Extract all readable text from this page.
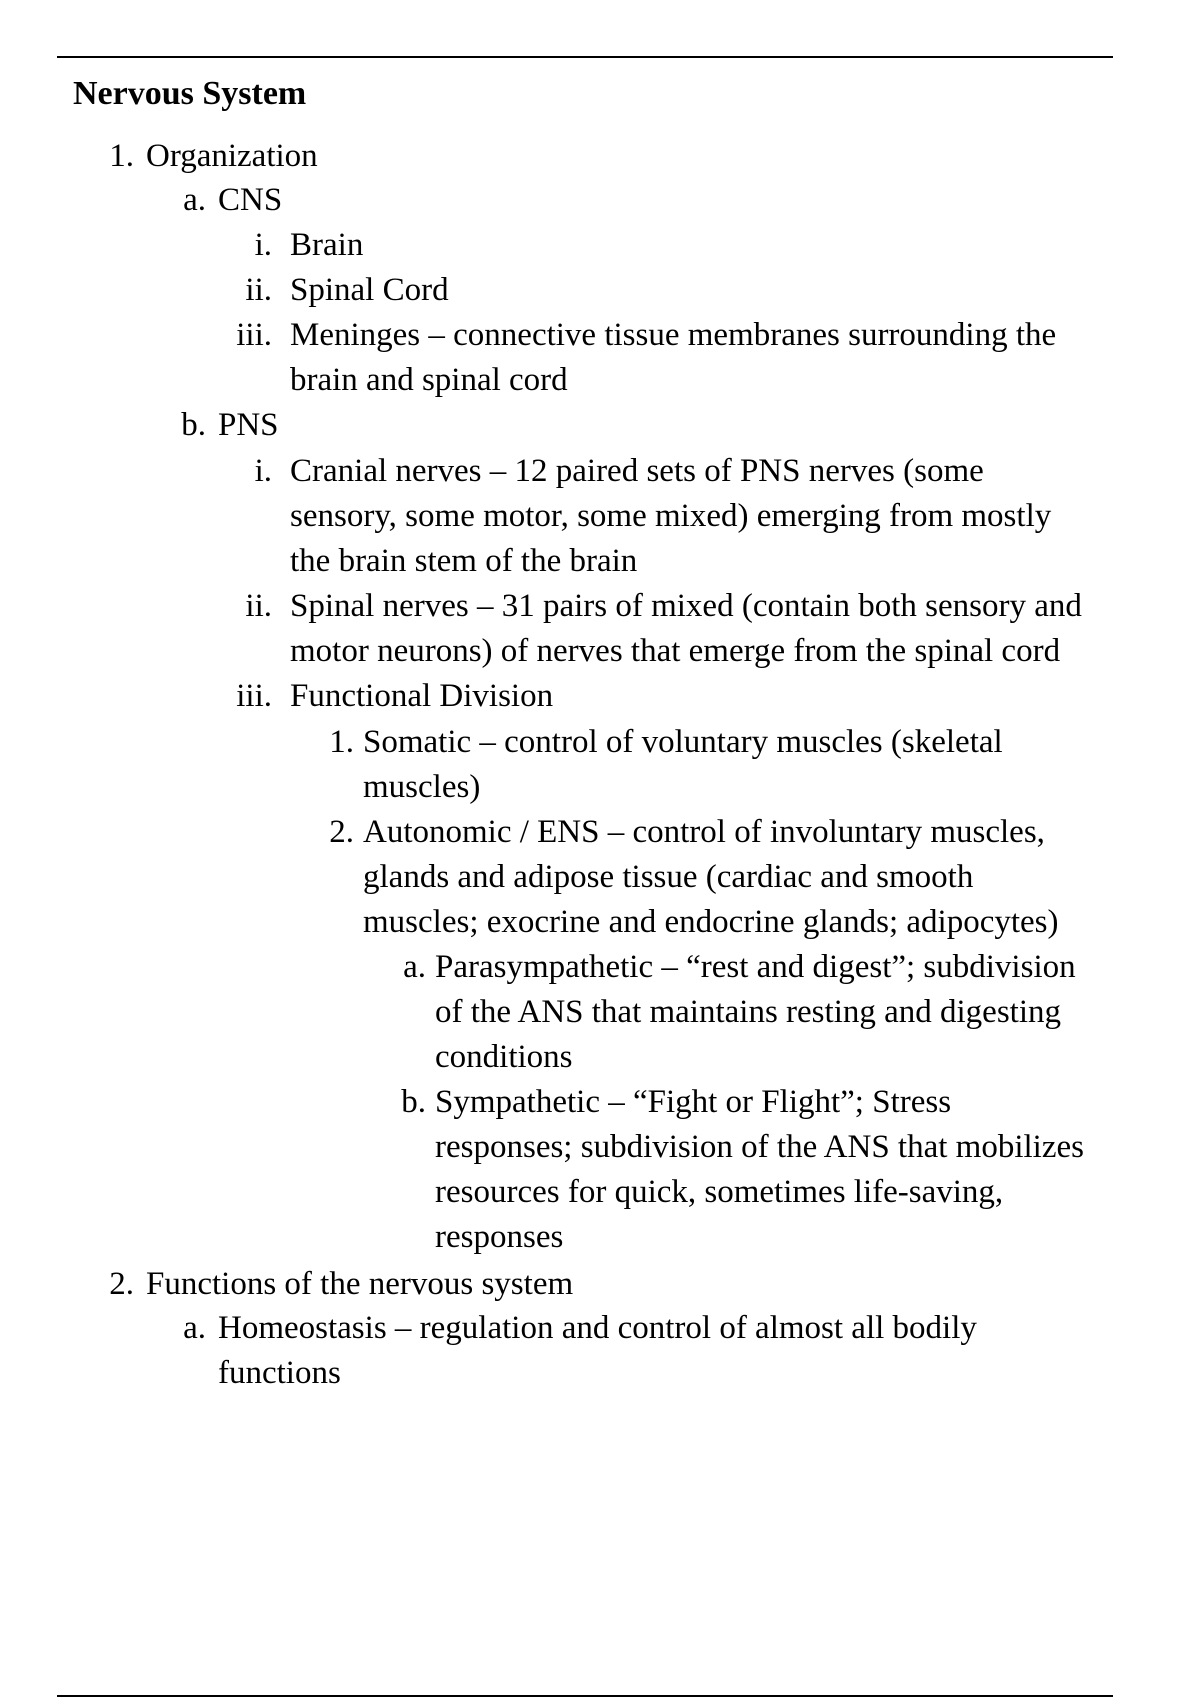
Nervous System
1. Organization
a. CNS
i. Brain
ii. Spinal Cord
iii. Meninges – connective tissue membranes surrounding the
brain and spinal cord
b. PNS
i. Cranial nerves – 12 paired sets of PNS nerves (some
sensory, some motor, some mixed) emerging from mostly
the brain stem of the brain
ii. Spinal nerves – 31 pairs of mixed (contain both sensory and
motor neurons) of nerves that emerge from the spinal cord
iii. Functional Division
1. Somatic – control of voluntary muscles (skeletal
muscles)
2. Autonomic / ENS – control of involuntary muscles,
glands and adipose tissue (cardiac and smooth
muscles; exocrine and endocrine glands; adipocytes)
a. Parasympathetic – “rest and digest”; subdivision
of the ANS that maintains resting and digesting
conditions
b. Sympathetic – “Fight or Flight”; Stress
responses; subdivision of the ANS that mobilizes
resources for quick, sometimes life-saving,
responses
2. Functions of the nervous system
a. Homeostasis – regulation and control of almost all bodily
functions
